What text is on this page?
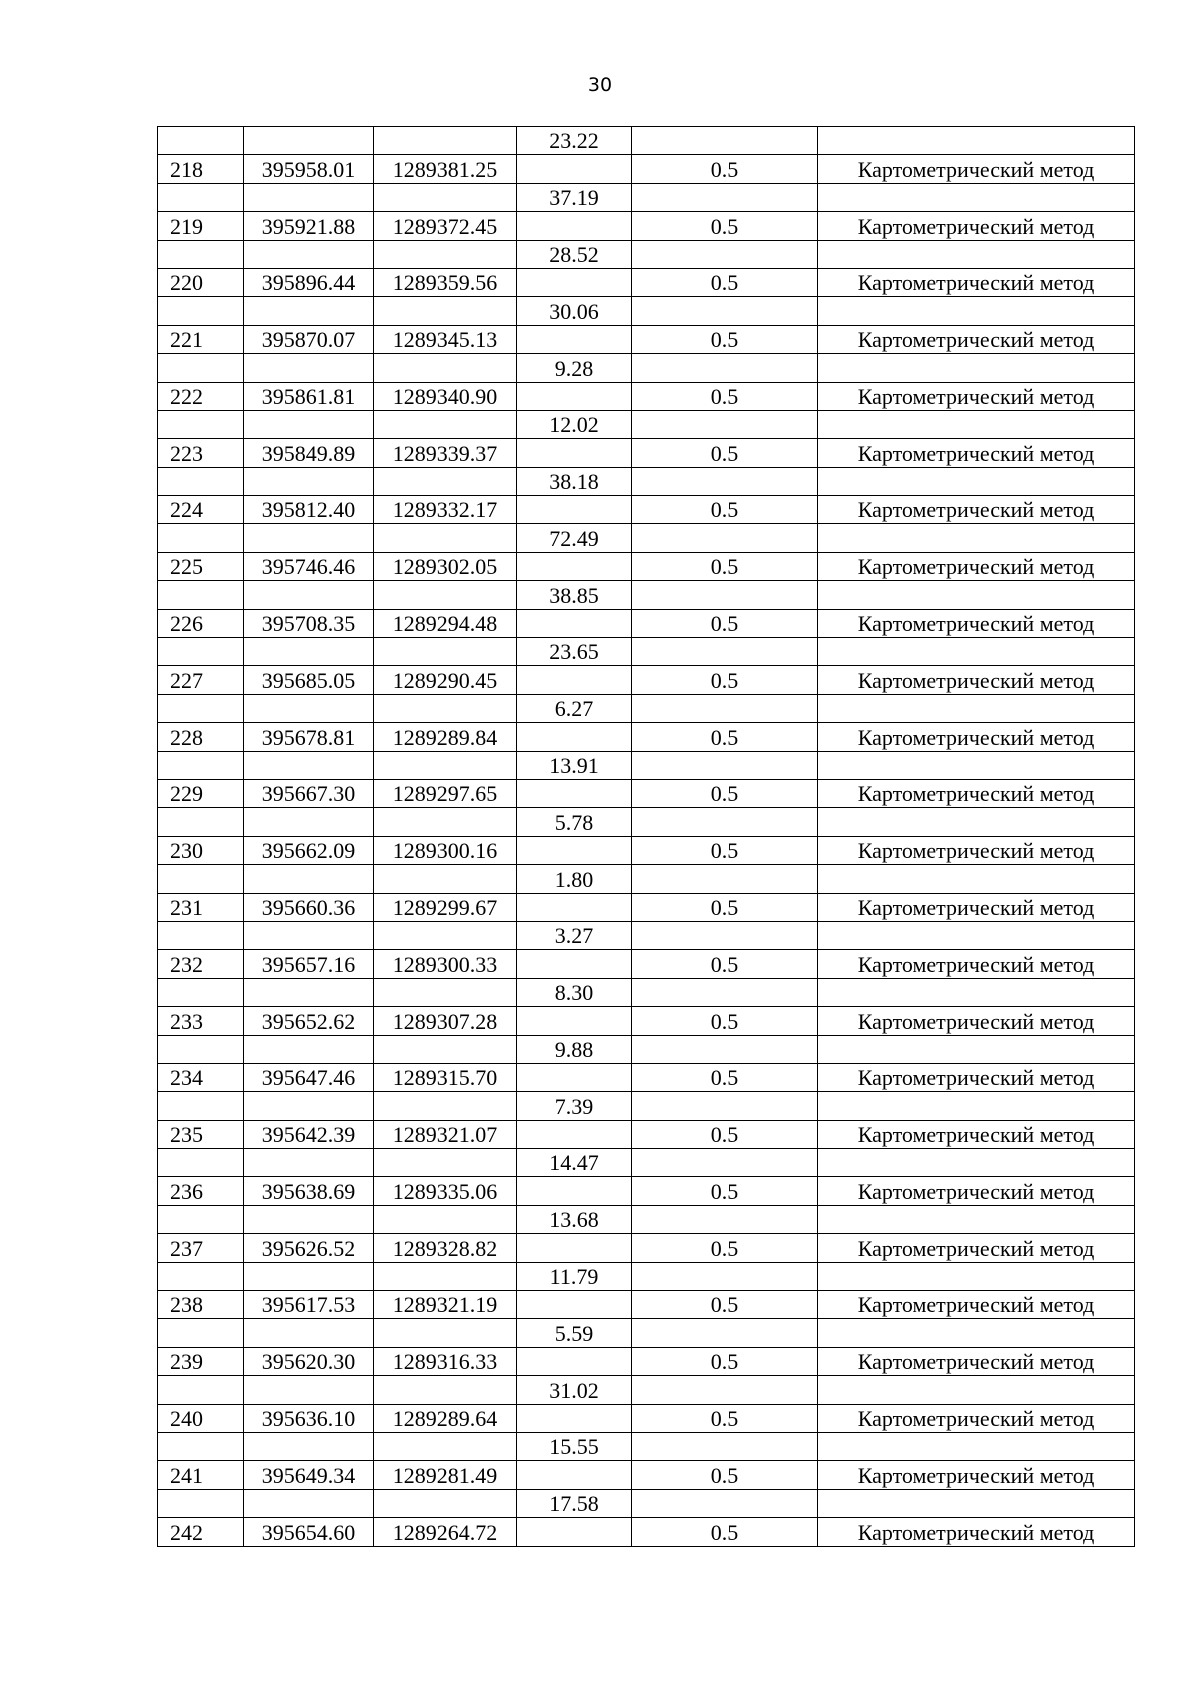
30
			23.22		
218	395958.01	1289381.25		0.5	Картометрический метод
			37.19		
219	395921.88	1289372.45		0.5	Картометрический метод
			28.52		
220	395896.44	1289359.56		0.5	Картометрический метод
			30.06		
221	395870.07	1289345.13		0.5	Картометрический метод
			9.28		
222	395861.81	1289340.90		0.5	Картометрический метод
			12.02		
223	395849.89	1289339.37		0.5	Картометрический метод
			38.18		
224	395812.40	1289332.17		0.5	Картометрический метод
			72.49		
225	395746.46	1289302.05		0.5	Картометрический метод
			38.85		
226	395708.35	1289294.48		0.5	Картометрический метод
			23.65		
227	395685.05	1289290.45		0.5	Картометрический метод
			6.27		
228	395678.81	1289289.84		0.5	Картометрический метод
			13.91		
229	395667.30	1289297.65		0.5	Картометрический метод
			5.78		
230	395662.09	1289300.16		0.5	Картометрический метод
			1.80		
231	395660.36	1289299.67		0.5	Картометрический метод
			3.27		
232	395657.16	1289300.33		0.5	Картометрический метод
			8.30		
233	395652.62	1289307.28		0.5	Картометрический метод
			9.88		
234	395647.46	1289315.70		0.5	Картометрический метод
			7.39		
235	395642.39	1289321.07		0.5	Картометрический метод
			14.47		
236	395638.69	1289335.06		0.5	Картометрический метод
			13.68		
237	395626.52	1289328.82		0.5	Картометрический метод
			11.79		
238	395617.53	1289321.19		0.5	Картометрический метод
			5.59		
239	395620.30	1289316.33		0.5	Картометрический метод
			31.02		
240	395636.10	1289289.64		0.5	Картометрический метод
			15.55		
241	395649.34	1289281.49		0.5	Картометрический метод
			17.58		
242	395654.60	1289264.72		0.5	Картометрический метод
